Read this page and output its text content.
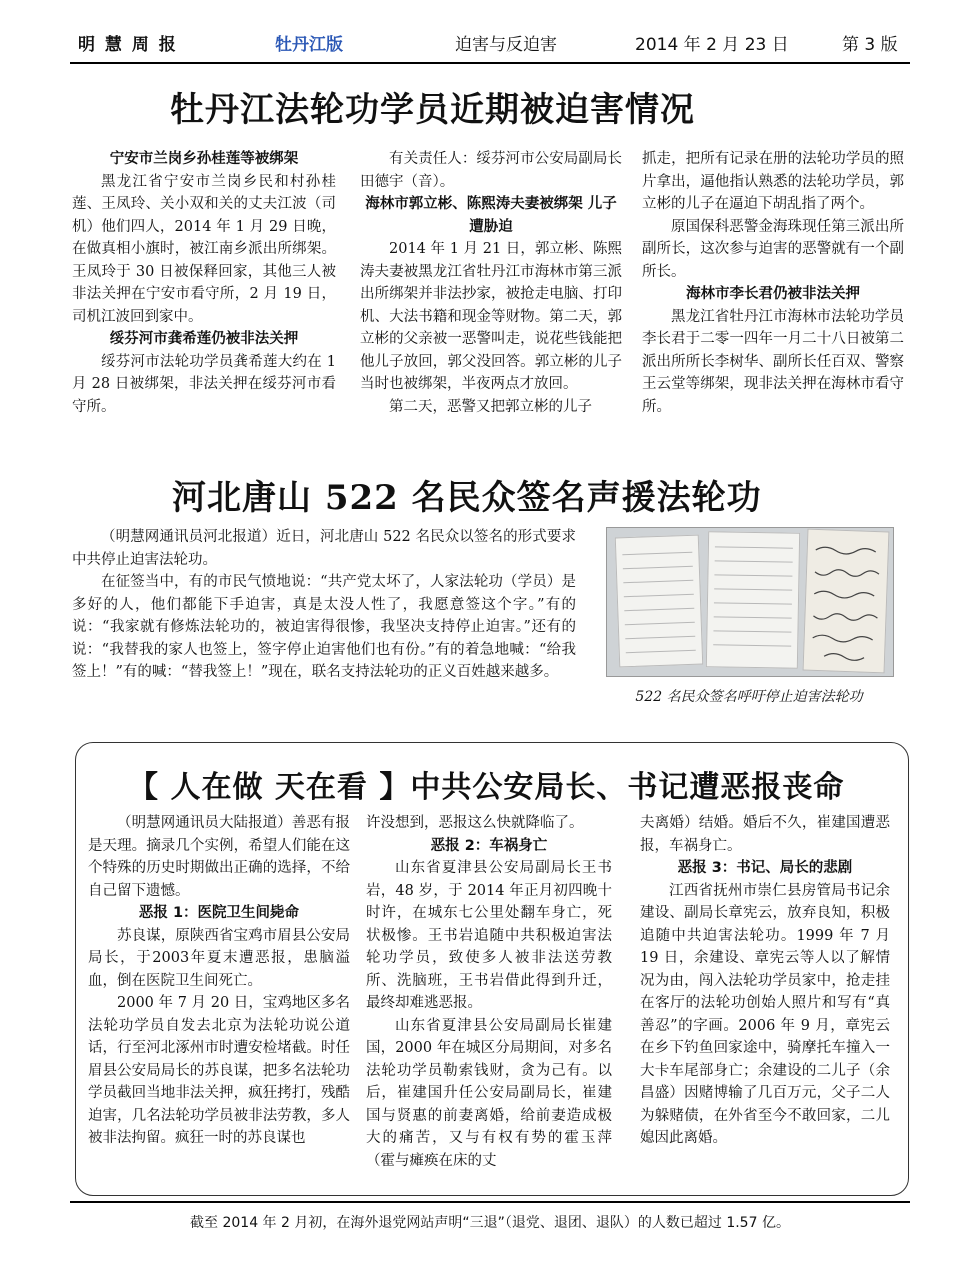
明 慧 周 报	牡丹江版	迫害与反迫害	2014 年 2 月 23 日	第 3 版
牡丹江法轮功学员近期被迫害情况
宁安市兰岗乡孙桂莲等被绑架

黑龙江省宁安市兰岗乡民和村孙桂莲、王凤玲、关小双和关的丈夫江波（司机）他们四人，2014 年 1 月 29 日晚，在做真相小旗时，被江南乡派出所绑架。王凤玲于 30 日被保释回家，其他三人被非法关押在宁安市看守所，2 月 19 日，司机江波回到家中。

绥芬河市龚希莲仍被非法关押

绥芬河市法轮功学员龚希莲大约在 1 月 28 日被绑架，非法关押在绥芬河市看守所。

有关责任人：绥芬河市公安局副局长田德宇（音）。

海林市郭立彬、陈熙涛夫妻被绑架 儿子遭胁迫

2014 年 1 月 21 日，郭立彬、陈熙涛夫妻被黑龙江省牡丹江市海林市第三派出所绑架并非法抄家，被抢走电脑、打印机、大法书籍和现金等财物。第二天，郭立彬的父亲被一恶警叫走，说花些钱能把他儿子放回，郭父没回答。郭立彬的儿子当时也被绑架，半夜两点才放回。

第二天，恶警又把郭立彬的儿子

抓走，把所有记录在册的法轮功学员的照片拿出，逼他指认熟悉的法轮功学员，郭立彬的儿子在逼迫下胡乱指了两个。

原国保科恶警金海珠现任第三派出所副所长，这次参与迫害的恶警就有一个副所长。

海林市李长君仍被非法关押

黑龙江省牡丹江市海林市法轮功学员李长君于二零一四年一月二十八日被第二派出所所长李树华、副所长任百双、警察王云堂等绑架，现非法关押在海林市看守所。

河北唐山 522 名民众签名声援法轮功

（明慧网通讯员河北报道）近日，河北唐山 522 名民众以签名的形式要求中共停止迫害法轮功。

在征签当中，有的市民气愤地说：“共产党太坏了，人家法轮功（学员）是多好的人，他们都能下手迫害，真是太没人性了，我愿意签这个字。”有的说：“我家就有修炼法轮功的，被迫害得很惨，我坚决支持停止迫害。”还有的说：“我替我的家人也签上，签字停止迫害他们也有份。”有的着急地喊：“给我签上！”有的喊：“替我签上！”现在，联名支持法轮功的正义百姓越来越多。

522 名民众签名呼吁停止迫害法轮功
【 人在做 天在看 】中共公安局长、书记遭恶报丧命

（明慧网通讯员大陆报道）善恶有报是天理。摘录几个实例，希望人们能在这个特殊的历史时期做出正确的选择，不给自己留下遗憾。

恶报 1：医院卫生间毙命

苏良谋，原陕西省宝鸡市眉县公安局局长，于2003年夏末遭恶报，患脑溢血，倒在医院卫生间死亡。

2000 年 7 月 20 日，宝鸡地区多名法轮功学员自发去北京为法轮功说公道话，行至河北涿州市时遭安检堵截。时任眉县公安局局长的苏良谋，把多名法轮功学员截回当地非法关押，疯狂拷打，残酷迫害，几名法轮功学员被非法劳教，多人被非法拘留。疯狂一时的苏良谋也

许没想到，恶报这么快就降临了。

恶报 2：车祸身亡

山东省夏津县公安局副局长王书岩，48 岁，于 2014 年正月初四晚十时许，在城东七公里处翻车身亡，死状极惨。王书岩追随中共积极迫害法轮功学员，致使多人被非法送劳教所、洗脑班，王书岩借此得到升迁，最终却难逃恶报。

山东省夏津县公安局副局长崔建国，2000 年在城区分局期间，对多名法轮功学员勒索钱财，贪为己有。以后，崔建国升任公安局副局长，崔建国与贤惠的前妻离婚，给前妻造成极大的痛苦，又与有权有势的霍玉萍（霍与瘫痪在床的丈

夫离婚）结婚。婚后不久，崔建国遭恶报，车祸身亡。

恶报 3：书记、局长的悲剧

江西省抚州市崇仁县房管局书记余建设、副局长章宪云，放弃良知，积极追随中共迫害法轮功。1999 年 7 月 19 日，余建设、章宪云等人以了解情况为由，闯入法轮功学员家中，抢走挂在客厅的法轮功创始人照片和写有“真善忍”的字画。2006 年 9 月，章宪云在乡下钓鱼回家途中，骑摩托车撞入一大卡车尾部身亡；余建设的二儿子（余昌盛）因赌博输了几百万元，父子二人为躲赌债，在外省至今不敢回家，二儿媳因此离婚。

截至 2014 年 2 月初，在海外退党网站声明“三退”（退党、退团、退队）的人数已超过 1.57 亿。
